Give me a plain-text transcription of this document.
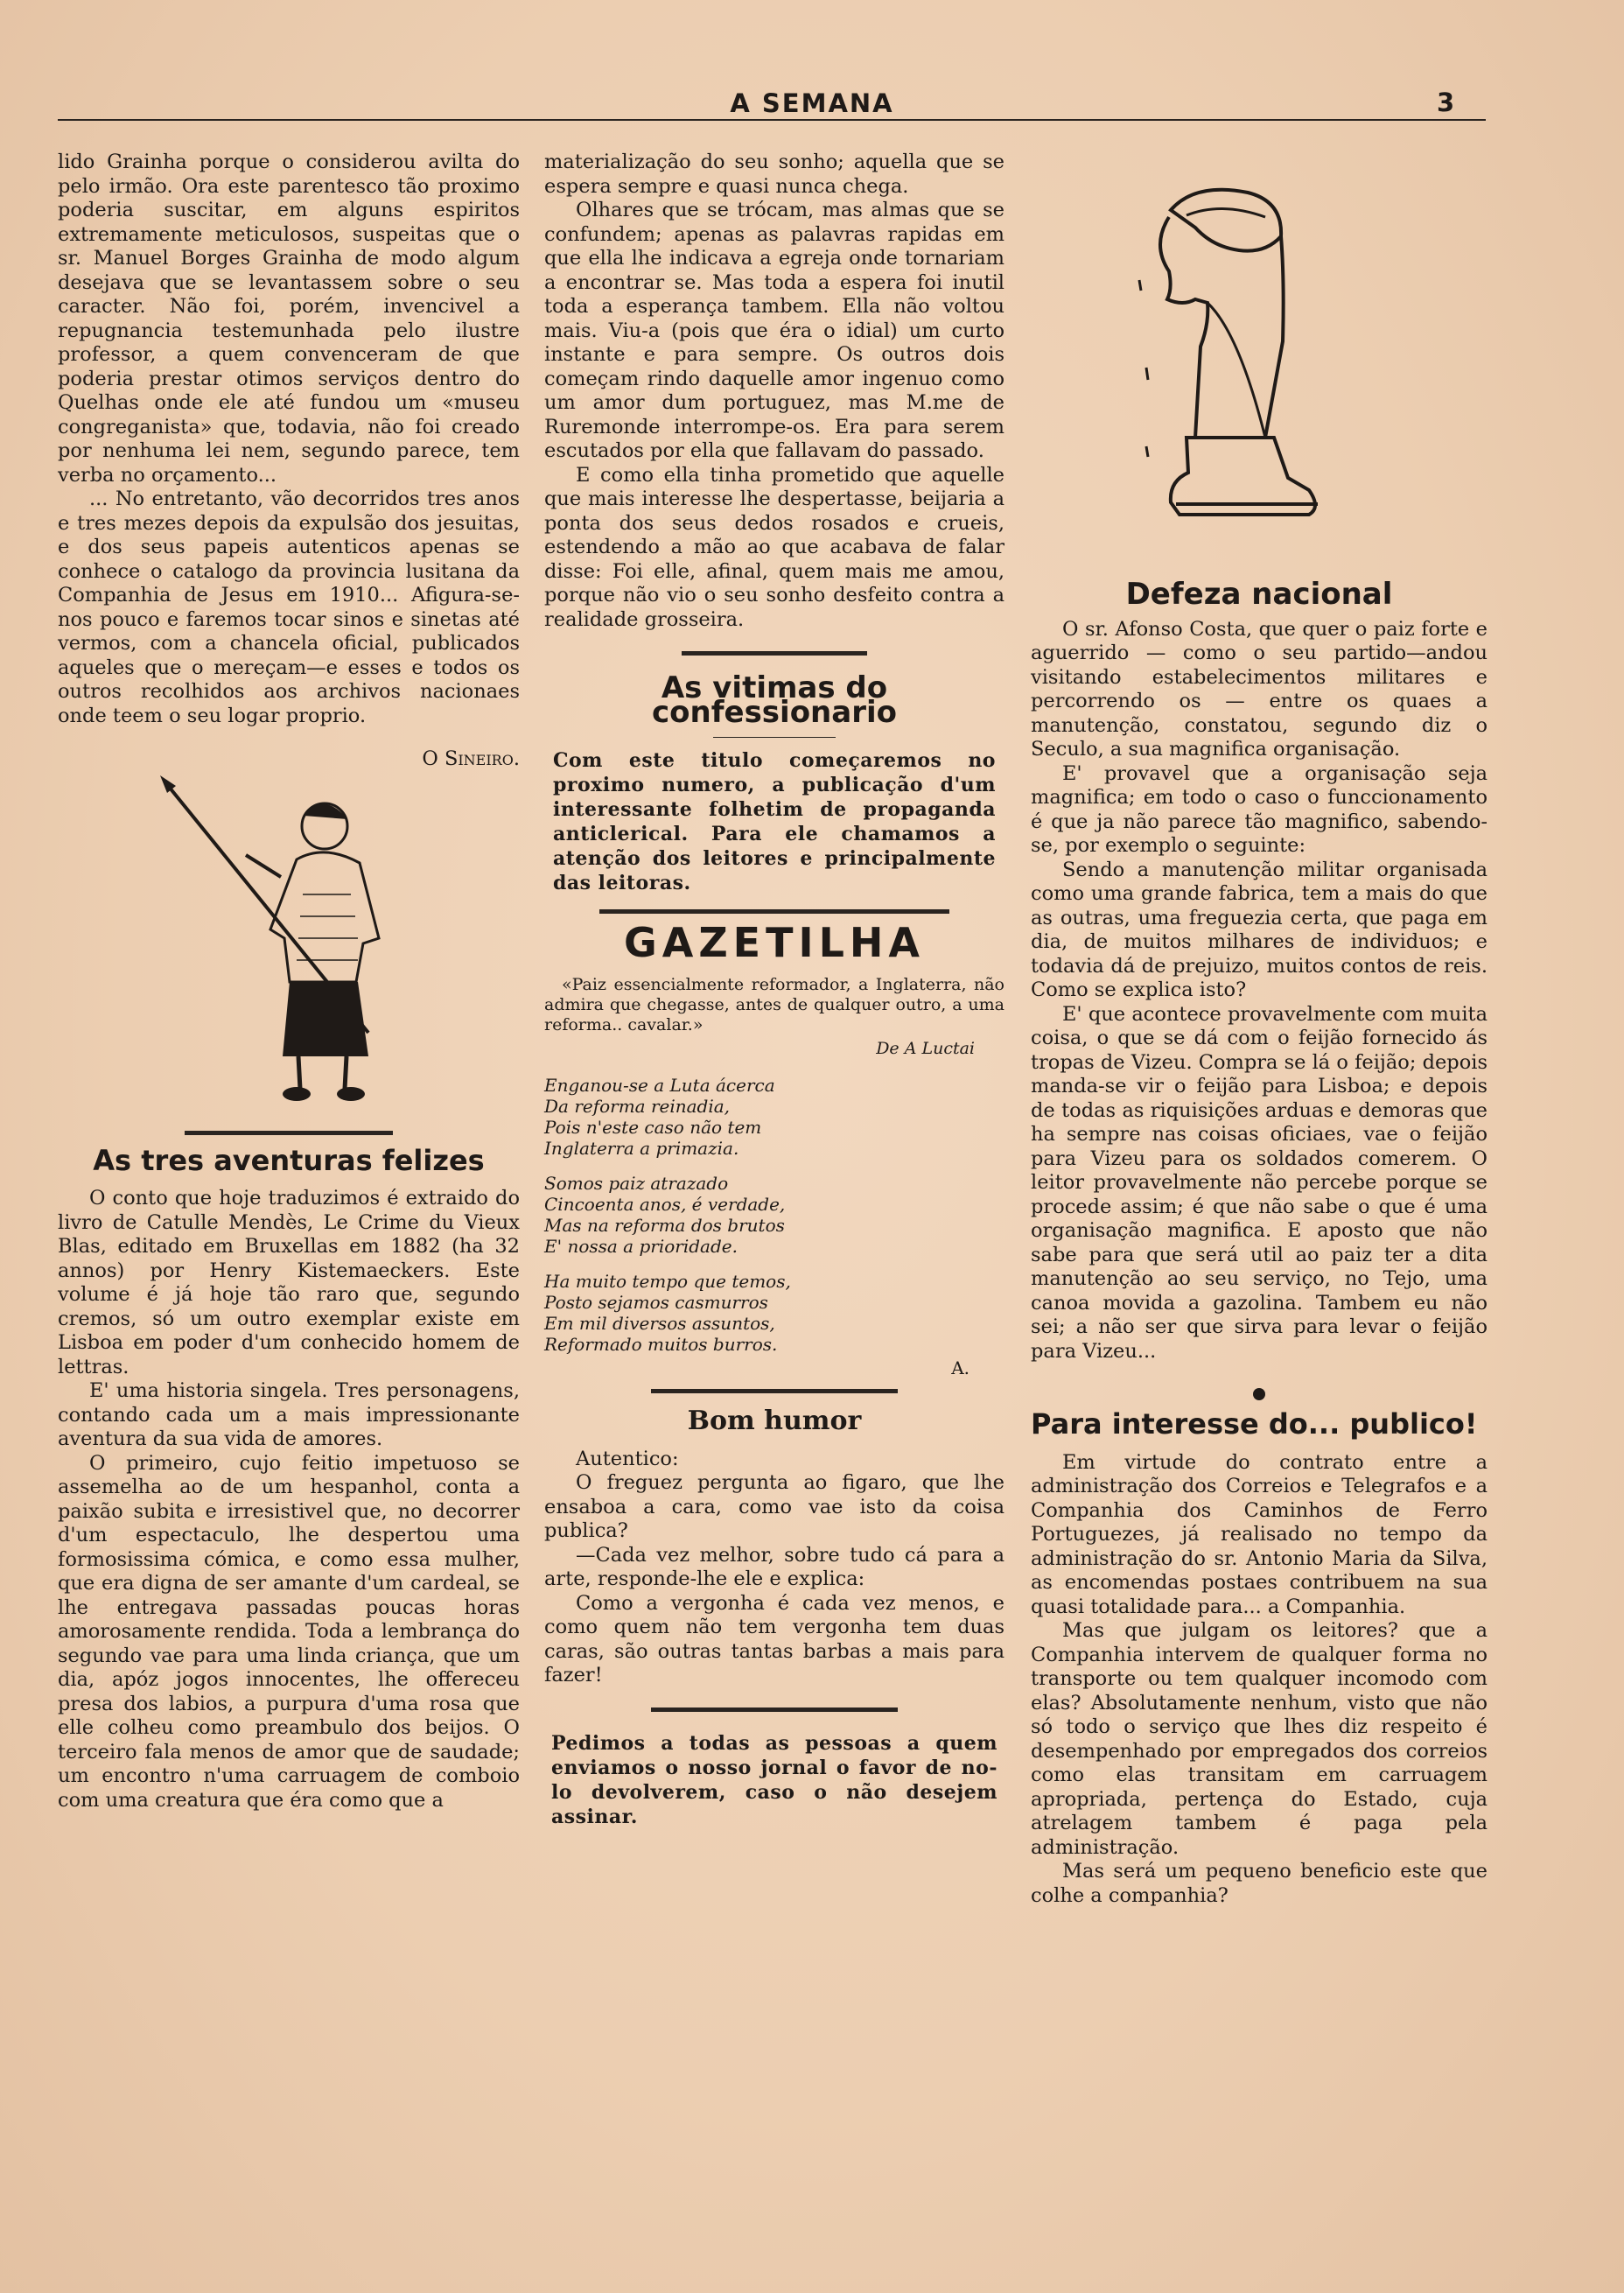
A SEMANA	3

lido Grainha porque o considerou avilta do pelo irmão. Ora este parentesco tão proximo poderia suscitar, em alguns espiritos extremamente meticulosos, suspeitas que o sr. Manuel Borges Grainha de modo algum desejava que se levantassem sobre o seu caracter. Não foi, porém, invencivel a repugnancia testemunhada pelo ilustre professor, a quem convenceram de que poderia prestar otimos serviços dentro do Quelhas onde ele até fundou um «museu congreganista» que, todavia, não foi creado por nenhuma lei nem, segundo parece, tem verba no orçamento...

... No entretanto, vão decorridos tres anos e tres mezes depois da expulsão dos jesuitas, e dos seus papeis autenticos apenas se conhece o catalogo da provincia lusitana da Companhia de Jesus em 1910... Afigura-se-nos pouco e faremos tocar sinos e sinetas até vermos, com a chancela oficial, publicados aqueles que o mereçam—e esses e todos os outros recolhidos aos archivos nacionaes onde teem o seu logar proprio.

O Sineiro.

As tres aventuras felizes

O conto que hoje traduzimos é extraido do livro de Catulle Mendès, Le Crime du Vieux Blas, editado em Bruxellas em 1882 (ha 32 annos) por Henry Kistemaeckers. Este volume é já hoje tão raro que, segundo cremos, só um outro exemplar existe em Lisboa em poder d'um conhecido homem de lettras.

E' uma historia singela. Tres personagens, contando cada um a mais impressionante aventura da sua vida de amores.

O primeiro, cujo feitio impetuoso se assemelha ao de um hespanhol, conta a paixão subita e irresistivel que, no decorrer d'um espectaculo, lhe despertou uma formosissima cómica, e como essa mulher, que era digna de ser amante d'um cardeal, se lhe entregava passadas poucas horas amorosamente rendida. Toda a lembrança do segundo vae para uma linda criança, que um dia, apóz jogos innocentes, lhe offereceu presa dos labios, a purpura d'uma rosa que elle colheu como preambulo dos beijos. O terceiro fala menos de amor que de saudade; um encontro n'uma carruagem de comboio com uma creatura que éra como que a

materialização do seu sonho; aquella que se espera sempre e quasi nunca chega.

Olhares que se trócam, mas almas que se confundem; apenas as palavras rapidas em que ella lhe indicava a egreja onde tornariam a encontrar se. Mas toda a espera foi inutil toda a esperança tambem. Ella não voltou mais. Viu-a (pois que éra o idial) um curto instante e para sempre. Os outros dois começam rindo daquelle amor ingenuo como um amor dum portuguez, mas M.me de Ruremonde interrompe-os. Era para serem escutados por ella que fallavam do passado.

E como ella tinha prometido que aquelle que mais interesse lhe despertasse, beijaria a ponta dos seus dedos rosados e crueis, estendendo a mão ao que acabava de falar disse: Foi elle, afinal, quem mais me amou, porque não vio o seu sonho desfeito contra a realidade grosseira.

As vitimas do confessionario

Com este titulo começaremos no proximo numero, a publicação d'um interessante folhetim de propaganda anticlerical. Para ele chamamos a atenção dos leitores e principalmente das leitoras.

GAZETILHA

«Paiz essencialmente reformador, a Inglaterra, não admira que chegasse, antes de qualquer outro, a uma reforma.. cavalar.»

De A Luctai

Enganou-se a Luta ácerca

Da reforma reinadia,

Pois n'este caso não tem

Inglaterra a primazia.

Somos paiz atrazado

Cincoenta anos, é verdade,

Mas na reforma dos brutos

E' nossa a prioridade.

Ha muito tempo que temos,

Posto sejamos casmurros

Em mil diversos assuntos,

Reformado muitos burros.

A.

Bom humor

Autentico:

O freguez pergunta ao figaro, que lhe ensaboa a cara, como vae isto da coisa publica?

—Cada vez melhor, sobre tudo cá para a arte, responde-lhe ele e explica:

Como a vergonha é cada vez menos, e como quem não tem vergonha tem duas caras, são outras tantas barbas a mais para fazer!

Pedimos a todas as pessoas a quem enviamos o nosso jornal o favor de no-lo devolverem, caso o não desejem assinar.

Defeza nacional

O sr. Afonso Costa, que quer o paiz forte e aguerrido — como o seu partido—andou visitando estabelecimentos militares e percorrendo os — entre os quaes a manutenção, constatou, segundo diz o Seculo, a sua magnifica organisação.

E' provavel que a organisação seja magnifica; em todo o caso o funccionamento é que ja não parece tão magnifico, sabendo-se, por exemplo o seguinte:

Sendo a manutenção militar organisada como uma grande fabrica, tem a mais do que as outras, uma freguezia certa, que paga em dia, de muitos milhares de individuos; e todavia dá de prejuizo, muitos contos de reis. Como se explica isto?

E' que acontece provavelmente com muita coisa, o que se dá com o feijão fornecido ás tropas de Vizeu. Compra se lá o feijão; depois manda-se vir o feijão para Lisboa; e depois de todas as riquisições arduas e demoras que ha sempre nas coisas oficiaes, vae o feijão para Vizeu para os soldados comerem. O leitor provavelmente não percebe porque se procede assim; é que não sabe o que é uma organisação magnifica. E aposto que não sabe para que será util ao paiz ter a dita manutenção ao seu serviço, no Tejo, uma canoa movida a gazolina. Tambem eu não sei; a não ser que sirva para levar o feijão para Vizeu...

Para interesse do... publico!

Em virtude do contrato entre a administração dos Correios e Telegrafos e a Companhia dos Caminhos de Ferro Portuguezes, já realisado no tempo da administração do sr. Antonio Maria da Silva, as encomendas postaes contribuem na sua quasi totalidade para... a Companhia.

Mas que julgam os leitores? que a Companhia intervem de qualquer forma no transporte ou tem qualquer incomodo com elas? Absolutamente nenhum, visto que não só todo o serviço que lhes diz respeito é desempenhado por empregados dos correios como elas transitam em carruagem apropriada, pertença do Estado, cuja atrelagem tambem é paga pela administração.

Mas será um pequeno beneficio este que colhe a companhia?
